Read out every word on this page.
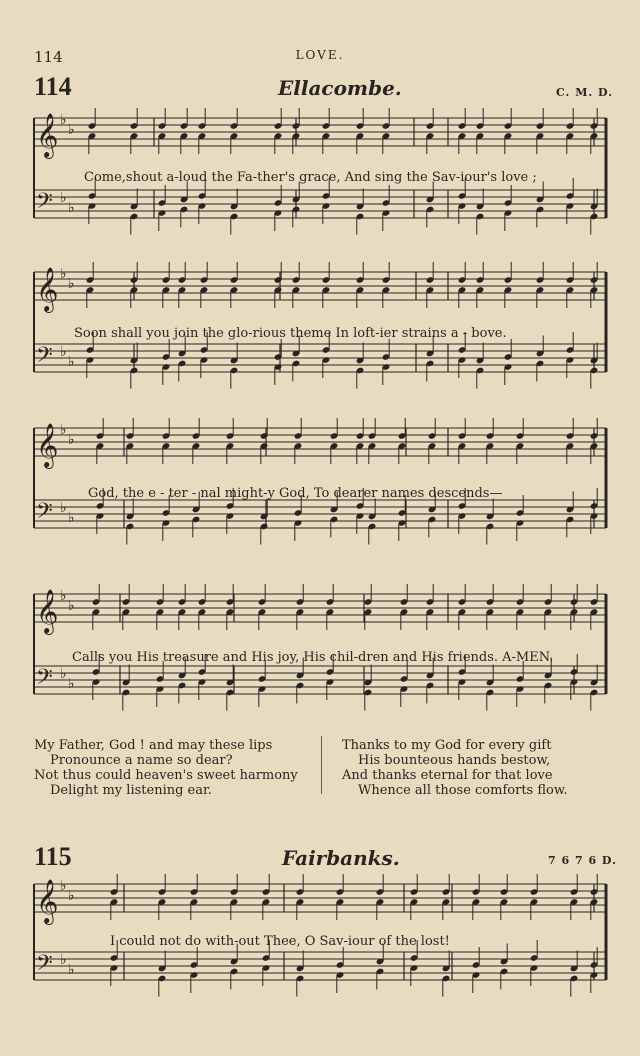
114	LOVE.
114	Ellacombe.	C. M. D.
𝄞 ♭
♭
𝄢 ♭
♭
Come,shout a-loud the Fa-ther's grace, And sing the Sav-iour's love ;
𝄞 ♭
♭
𝄢 ♭
♭
Soon shall you join the glo-rious theme In loft-ier strains a - bove.
𝄞 ♭
♭
𝄢 ♭
♭
God, the e - ter - nal might-y God, To dearer names descends—
𝄞 ♭
♭
𝄢 ♭
♭
Calls you His treasure and His joy, His chil-dren and His friends. A-MEN.
My Father, God ! and may these lips
Pronounce a name so dear?
Not thus could heaven's sweet harmony
Delight my listening ear.
Thanks to my God for every gift
His bounteous hands bestow,
And thanks eternal for that love
Whence all those comforts flow.
115	Fairbanks.	7 6 7 6 D.
𝄞 ♭
♭
𝄢 ♭
♭
I could not do with-out Thee, O Sav-iour of the lost!
